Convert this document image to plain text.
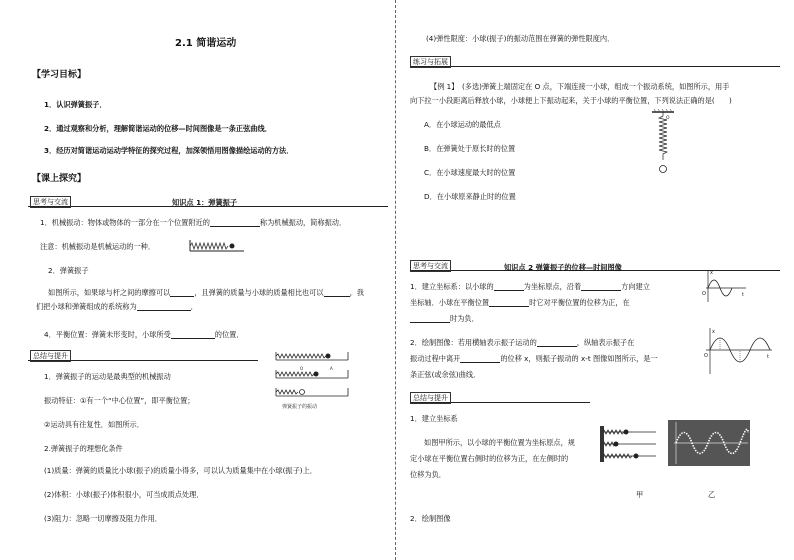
2.1 简谐运动
【学习目标】
1．认识弹簧振子．
2．通过观察和分析，理解简谐运动的位移—时间图像是一条正弦曲线．
3．经历对简谐运动运动学特征的探究过程，加深领悟用图像描绘运动的方法．
【课上探究】
思考与交流	知识点 1：弹簧振子
1．机械振动：物体或物体的一部分在一个位置附近的	称为机械振动，简称振动．
注意：机械振动是机械运动的一种．
2．弹簧振子
如图所示，如果球与杆之间的摩擦可以	，且弹簧的质量与小球的质量相比也可以	，我
们把小球和弹簧组成的系统称为	．
4．平衡位置：弹簧未形变时，小球所受	的位置．
总结与提升
1．弹簧振子的运动是最典型的机械振动
振动特征：①有一个“中心位置”，即平衡位置；
②运动具有往复性．如图所示．
2.弹簧振子的理想化条件
(1)质量：弹簧的质量比小球(振子)的质量小得多，可以认为质量集中在小球(振子)上．
(2)体积：小球(振子)体积很小，可当成质点处理．
(3)阻力：忽略一切摩擦及阻力作用．
O	A
弹簧振子的振动
(4)弹性限度：小球(振子)的振动范围在弹簧的弹性限度内．
练习与拓展
【例 1】　(多选)弹簧上端固定在 O 点，下端连接一小球，组成一个振动系统，如图所示，用手
向下拉一小段距离后释放小球，小球便上下振动起来，关于小球的平衡位置，下列说法正确的是(　　)
A．在小球运动的最低点
B．在弹簧处于原长时的位置
C．在小球速度最大时的位置
D．在小球原来静止时的位置
O
思考与交流	知识点 2 弹簧振子的位移—时间图像
1．建立坐标系：以小球的	为坐标原点，沿着	方向建立
坐标轴．小球在平衡位置	时它对平衡位置的位移为正，在
时为负．
x
t
O
2．绘制图像：若用横轴表示振子运动的	，纵轴表示振子在
振动过程中离开	的位移 x，则振子振动的 x-t 图像如图所示，是一
条正弦(或余弦)曲线．
x
t
O
总结与提升
1．建立坐标系
如图甲所示，以小球的平衡位置为坐标原点，规
定小球在平衡位置右侧时的位移为正，在左侧时的
位移为负．
甲	乙
2．绘制图像
